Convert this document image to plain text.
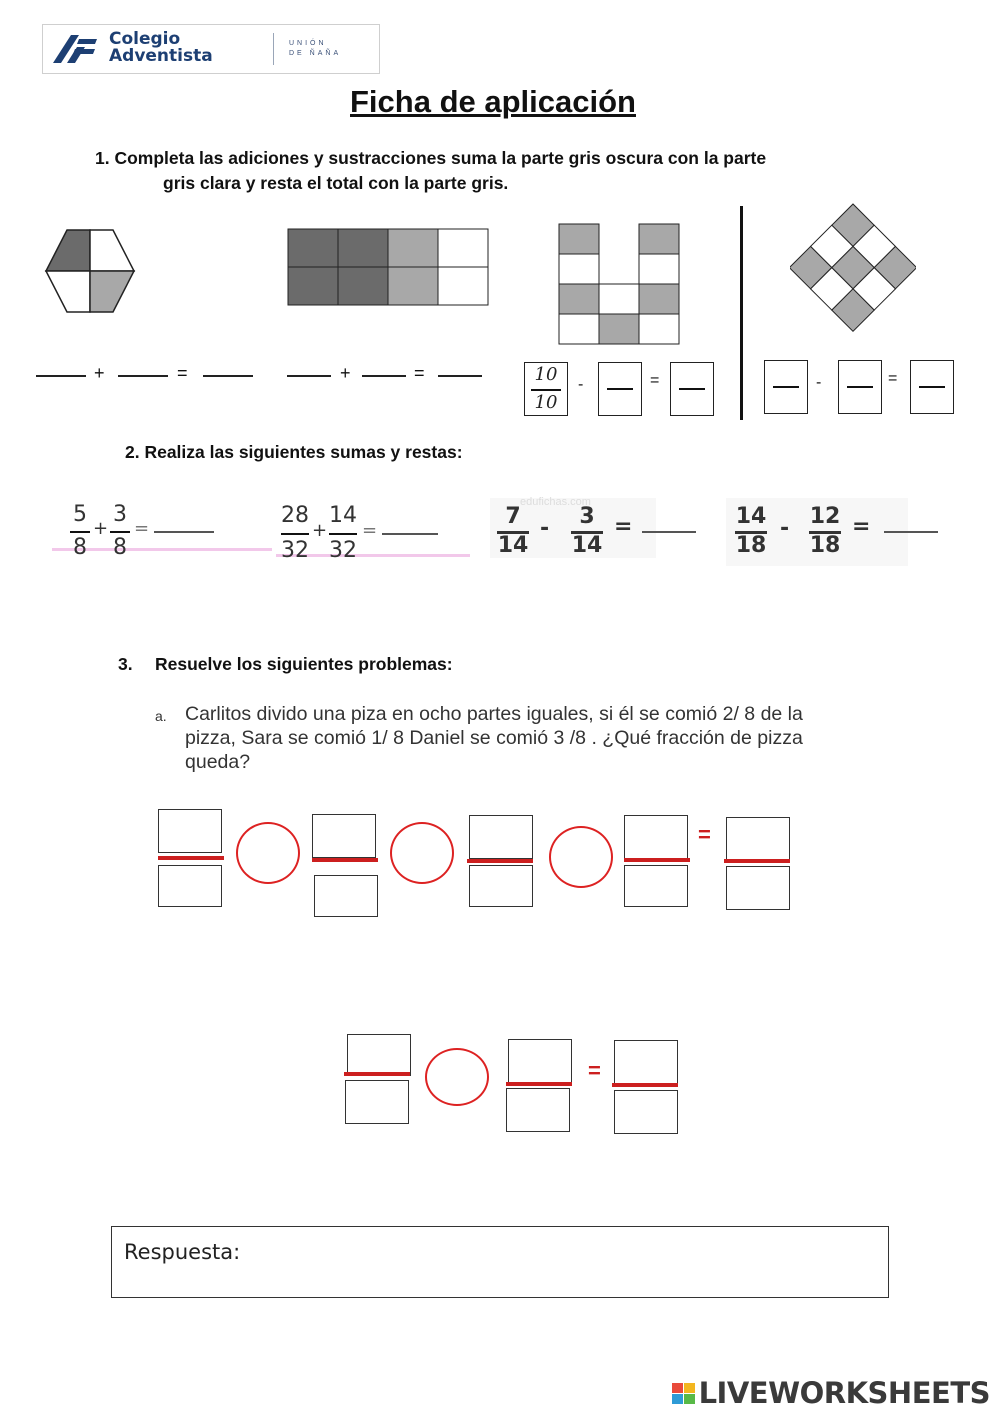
Colegio
Adventista
UNIÓN
DE ÑAÑA
Ficha de aplicación
1. Completa las adiciones y sustracciones suma la parte gris oscura con la parte
gris clara y resta el total con la parte gris.
+	=	+	=	10
10
-	=	-	=
2. Realiza las siguientes sumas y restas:
5
8
+
3
8
=
28
32
+
14
32
=
edufichas.com
7
14
-	3
14
=	14
18
- 12
18
=
3. Resuelve los siguientes problemas:
a. Carlitos divido una piza en ocho partes iguales, si él se comió 2/ 8 de la
pizza, Sara se comió 1/ 8 Daniel se comió 3 /8 . ¿Qué fracción de pizza
queda?
=
=
Respuesta:
LIVEWORKSHEETS
